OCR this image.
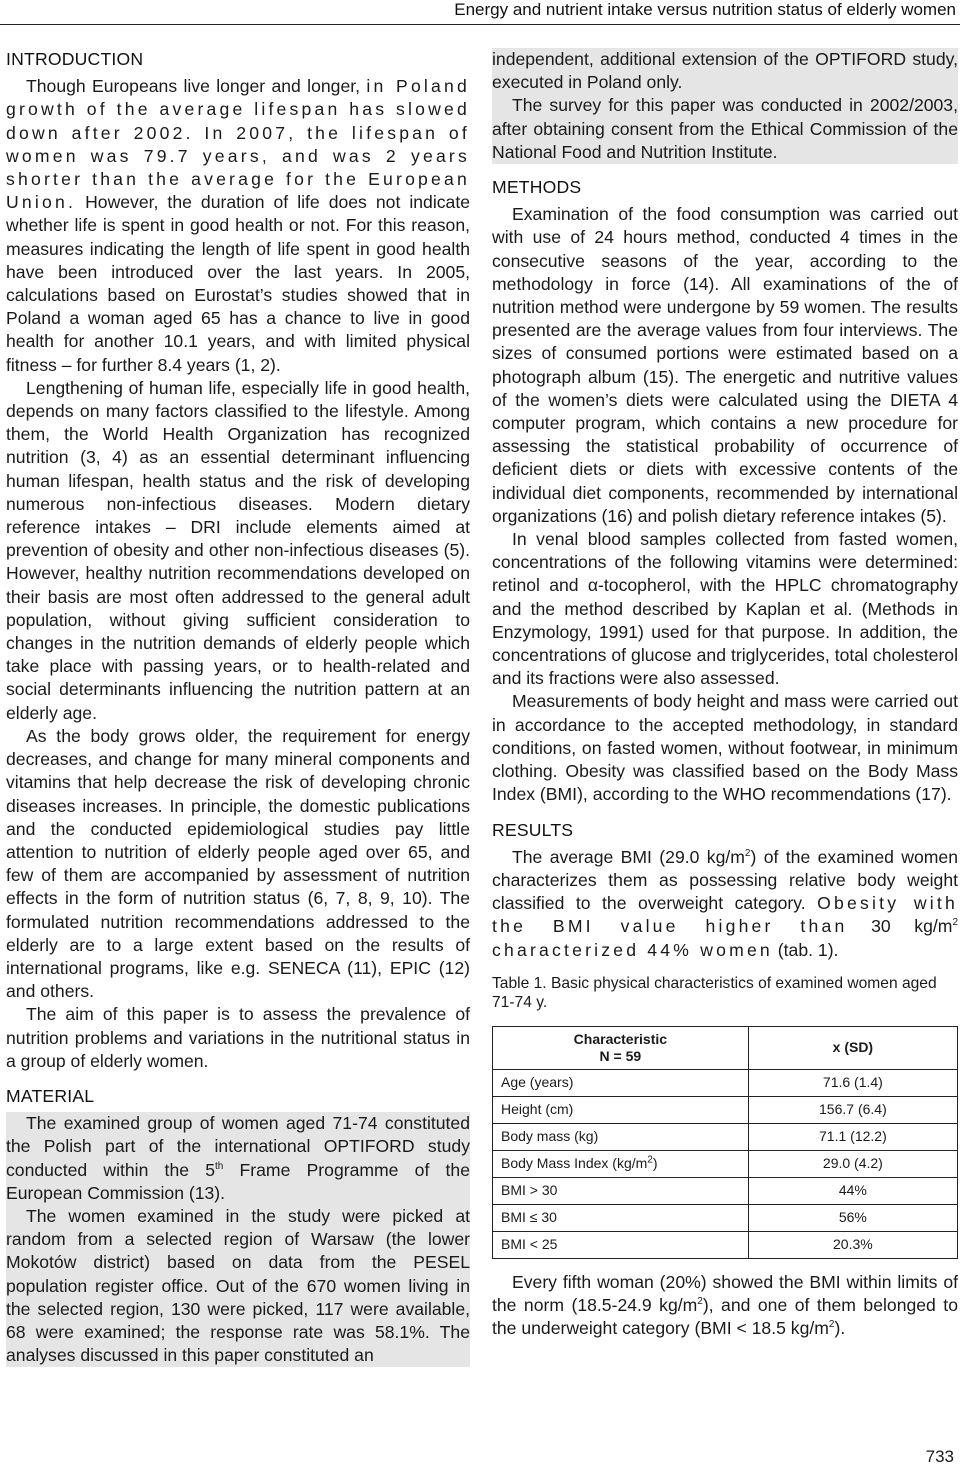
Energy and nutrient intake versus nutrition status of elderly women
INTRODUCTION

Though Europeans live longer and longer, in Poland growth of the average lifespan has slowed down after 2002. In 2007, the lifespan of women was 79.7 years, and was 2 years shorter than the average for the European Union. However, the duration of life does not indicate whether life is spent in good health or not. For this reason, measures indicating the length of life spent in good health have been introduced over the last years. In 2005, calculations based on Eurostat’s studies showed that in Poland a woman aged 65 has a chance to live in good health for another 10.1 years, and with limited physical fitness – for further 8.4 years (1, 2).

Lengthening of human life, especially life in good health, depends on many factors classified to the lifestyle. Among them, the World Health Organization has recognized nutrition (3, 4) as an essential determinant influencing human lifespan, health status and the risk of developing numerous non-infectious diseases. Modern dietary reference intakes – DRI include elements aimed at prevention of obesity and other non-infectious diseases (5). However, healthy nutrition recommendations developed on their basis are most often addressed to the general adult population, without giving sufficient consideration to changes in the nutrition demands of elderly people which take place with passing years, or to health-related and social determinants influencing the nutrition pattern at an elderly age.

As the body grows older, the requirement for energy decreases, and change for many mineral components and vitamins that help decrease the risk of developing chronic diseases increases. In principle, the domestic publications and the conducted epidemiological studies pay little attention to nutrition of elderly people aged over 65, and few of them are accompanied by assessment of nutrition effects in the form of nutrition status (6, 7, 8, 9, 10). The formulated nutrition recommendations addressed to the elderly are to a large extent based on the results of international programs, like e.g. SENECA (11), EPIC (12) and others.

The aim of this paper is to assess the prevalence of nutrition problems and variations in the nutritional status in a group of elderly women.

MATERIAL

The examined group of women aged 71-74 constituted the Polish part of the international OPTIFORD study conducted within the 5th Frame Programme of the European Commission (13).

The women examined in the study were picked at random from a selected region of Warsaw (the lower Mokotów district) based on data from the PESEL population register office. Out of the 670 women living in the selected region, 130 were picked, 117 were available, 68 were examined; the response rate was 58.1%. The analyses discussed in this paper constituted an

independent, additional extension of the OPTIFORD study, executed in Poland only.

The survey for this paper was conducted in 2002/2003, after obtaining consent from the Ethical Commission of the National Food and Nutrition Institute.

METHODS

Examination of the food consumption was carried out with use of 24 hours method, conducted 4 times in the consecutive seasons of the year, according to the methodology in force (14). All examinations of the of nutrition method were undergone by 59 women. The results presented are the average values from four interviews. The sizes of consumed portions were estimated based on a photograph album (15). The energetic and nutritive values of the women’s diets were calculated using the DIETA 4 computer program, which contains a new procedure for assessing the statistical probability of occurrence of deficient diets or diets with excessive contents of the individual diet components, recommended by international organizations (16) and polish dietary reference intakes (5).

In venal blood samples collected from fasted women, concentrations of the following vitamins were determined: retinol and α-tocopherol, with the HPLC chromatography and the method described by Kaplan et al. (Methods in Enzymology, 1991) used for that purpose. In addition, the concentrations of glucose and triglycerides, total cholesterol and its fractions were also assessed.

Measurements of body height and mass were carried out in accordance to the accepted methodology, in standard conditions, on fasted women, without footwear, in minimum clothing. Obesity was classified based on the Body Mass Index (BMI), according to the WHO recommendations (17).

RESULTS

The average BMI (29.0 $kg/m^2$) of the examined women characterizes them as possessing relative body weight classified to the overweight category. Obesity with the BMI value higher than 30 $kg/m^2$ characterized 44% women (tab. 1).

Table 1. Basic physical characteristics of examined women aged 71-74 y.
Characteristic
N = 59	x (SD)
Age (years)	71.6 (1.4)
Height (cm)	156.7 (6.4)
Body mass (kg)	71.1 (12.2)
Body Mass Index $(kg/m^2)$	29.0 (4.2)
BMI > 30	44%
BMI ≤ 30	56%
BMI < 25	20.3%

Every fifth woman (20%) showed the BMI within limits of the norm (18.5-24.9 $kg/m^2$), and one of them belonged to the underweight category (BMI < 18.5 $kg/m^2$).

733
